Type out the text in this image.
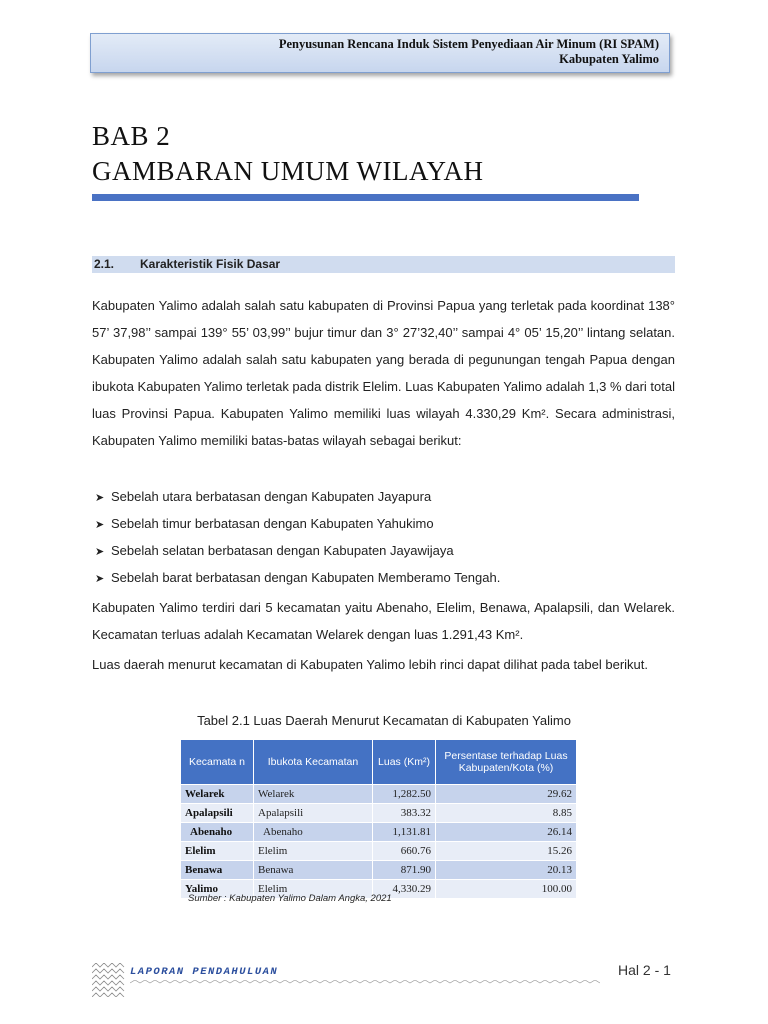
Penyusunan Rencana Induk Sistem Penyediaan Air Minum (RI SPAM)
Kabupaten Yalimo
BAB 2
GAMBARAN UMUM WILAYAH
2.1. Karakteristik Fisik Dasar
Kabupaten Yalimo adalah salah satu kabupaten di Provinsi Papua yang terletak pada koordinat 138° 57’ 37,98’’ sampai 139° 55’ 03,99’’ bujur timur dan 3° 27’32,40’’ sampai 4° 05’ 15,20’’ lintang selatan. Kabupaten Yalimo adalah salah satu kabupaten yang berada di pegunungan tengah Papua dengan ibukota Kabupaten Yalimo terletak pada distrik Elelim. Luas Kabupaten Yalimo adalah 1,3 % dari total luas Provinsi Papua. Kabupaten Yalimo memiliki luas wilayah 4.330,29 Km². Secara administrasi, Kabupaten Yalimo memiliki batas-batas wilayah sebagai berikut:
➤ Sebelah utara berbatasan dengan Kabupaten Jayapura
➤ Sebelah timur berbatasan dengan Kabupaten Yahukimo
➤ Sebelah selatan berbatasan dengan Kabupaten Jayawijaya
➤ Sebelah barat berbatasan dengan Kabupaten Memberamo Tengah.
Kabupaten Yalimo terdiri dari 5 kecamatan yaitu Abenaho, Elelim, Benawa, Apalapsili, dan Welarek. Kecamatan terluas adalah Kecamatan Welarek dengan luas 1.291,43 Km².
Luas daerah menurut kecamatan di Kabupaten Yalimo lebih rinci dapat dilihat pada tabel berikut.
Tabel 2.1 Luas Daerah Menurut Kecamatan di Kabupaten Yalimo
Kecamata n	Ibukota Kecamatan	Luas (Km²)	Persentase terhadap Luas Kabupaten/Kota (%)
Welarek	Welarek	1,282.50	29.62
Apalapsili	Apalapsili	383.32	8.85
Abenaho	Abenaho	1,131.81	26.14
Elelim	Elelim	660.76	15.26
Benawa	Benawa	871.90	20.13
Yalimo	Elelim	4,330.29	100.00
Sumber : Kabupaten Yalimo Dalam Angka, 2021
LAPORAN PENDAHULUAN	Hal 2 - 1
